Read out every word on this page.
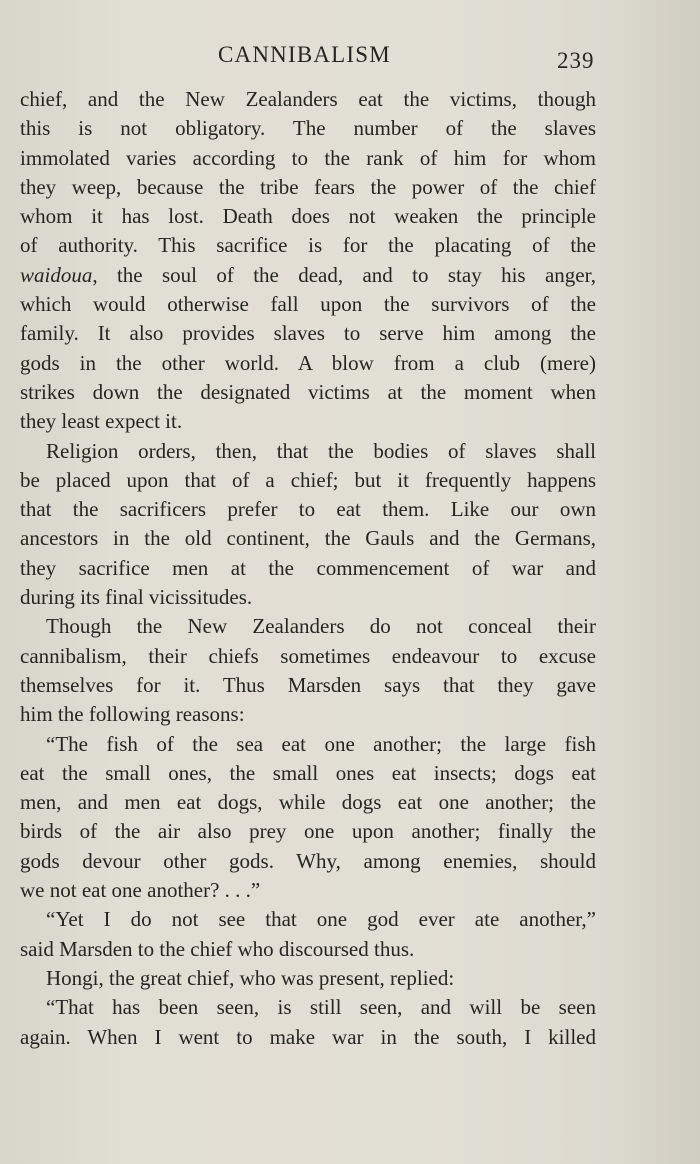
CANNIBALISM	239
chief, and the New Zealanders eat the victims, though
this is not obligatory. The number of the slaves
immolated varies according to the rank of him for whom
they weep, because the tribe fears the power of the chief
whom it has lost. Death does not weaken the principle
of authority. This sacrifice is for the placating of the
waidoua, the soul of the dead, and to stay his anger,
which would otherwise fall upon the survivors of the
family. It also provides slaves to serve him among the
gods in the other world. A blow from a club (mere)
strikes down the designated victims at the moment when
they least expect it.
Religion orders, then, that the bodies of slaves shall
be placed upon that of a chief; but it frequently happens
that the sacrificers prefer to eat them. Like our own
ancestors in the old continent, the Gauls and the Germans,
they sacrifice men at the commencement of war and
during its final vicissitudes.
Though the New Zealanders do not conceal their
cannibalism, their chiefs sometimes endeavour to excuse
themselves for it. Thus Marsden says that they gave
him the following reasons:
“The fish of the sea eat one another; the large fish
eat the small ones, the small ones eat insects; dogs eat
men, and men eat dogs, while dogs eat one another; the
birds of the air also prey one upon another; finally the
gods devour other gods. Why, among enemies, should
we not eat one another? . . .”
“Yet I do not see that one god ever ate another,”
said Marsden to the chief who discoursed thus.
Hongi, the great chief, who was present, replied:
“That has been seen, is still seen, and will be seen
again. When I went to make war in the south, I killed
